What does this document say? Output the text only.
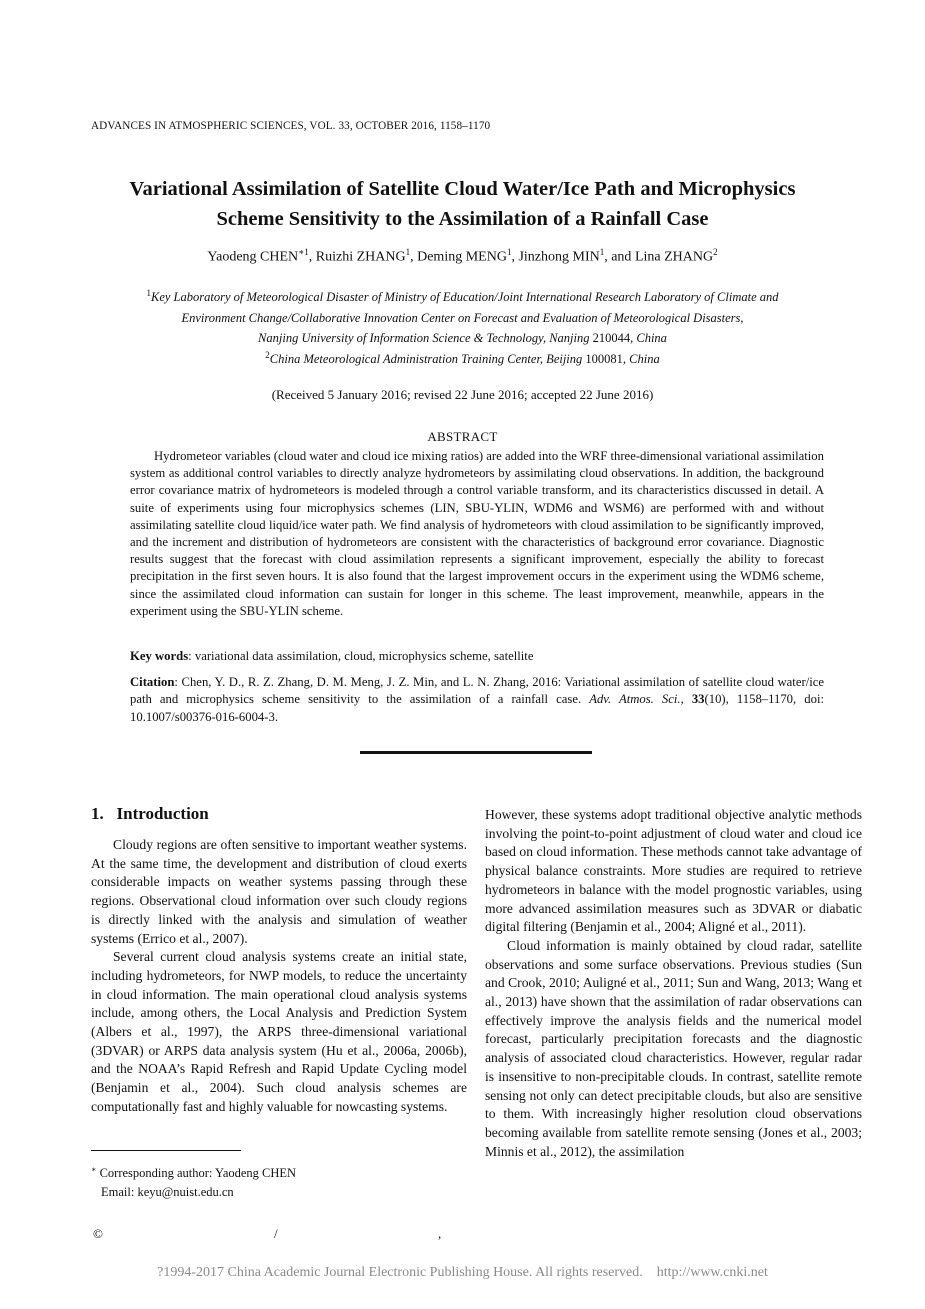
ADVANCES IN ATMOSPHERIC SCIENCES, VOL. 33, OCTOBER 2016, 1158–1170
Variational Assimilation of Satellite Cloud Water/Ice Path and Microphysics
Scheme Sensitivity to the Assimilation of a Rainfall Case
Yaodeng $CHEN^{∗1}$, Ruizhi ZHANG$^1$, Deming MENG$^1$, Jinzhong MIN$^1$, and Lina ZHANG$^2$
$^1$Key Laboratory of Meteorological Disaster of Ministry of Education/Joint International Research Laboratory of Climate and
Environment Change/Collaborative Innovation Center on Forecast and Evaluation of Meteorological Disasters,
Nanjing University of Information Science & Technology, Nanjing 210044, China
$^2$China Meteorological Administration Training Center, Beijing 100081, China
(Received 5 January 2016; revised 22 June 2016; accepted 22 June 2016)
ABSTRACT
Hydrometeor variables (cloud water and cloud ice mixing ratios) are added into the WRF three-dimensional variational assimilation system as additional control variables to directly analyze hydrometeors by assimilating cloud observations. In addition, the background error covariance matrix of hydrometeors is modeled through a control variable transform, and its characteristics discussed in detail. A suite of experiments using four microphysics schemes (LIN, SBU-YLIN, WDM6 and WSM6) are performed with and without assimilating satellite cloud liquid/ice water path. We find analysis of hydrometeors with cloud assimilation to be significantly improved, and the increment and distribution of hydrometeors are consistent with the characteristics of background error covariance. Diagnostic results suggest that the forecast with cloud assimilation represents a significant improvement, especially the ability to forecast precipitation in the first seven hours. It is also found that the largest improvement occurs in the experiment using the WDM6 scheme, since the assimilated cloud information can sustain for longer in this scheme. The least improvement, meanwhile, appears in the experiment using the SBU-YLIN scheme.
Key words: variational data assimilation, cloud, microphysics scheme, satellite
Citation: Chen, Y. D., R. Z. Zhang, D. M. Meng, J. Z. Min, and L. N. Zhang, 2016: Variational assimilation of satellite cloud water/ice path and microphysics scheme sensitivity to the assimilation of a rainfall case. Adv. Atmos. Sci., 33(10), 1158–1170, doi: 10.1007/s00376-016-6004-3.
1. Introduction

Cloudy regions are often sensitive to important weather systems. At the same time, the development and distribution of cloud exerts considerable impacts on weather systems passing through these regions. Observational cloud information over such cloudy regions is directly linked with the analysis and simulation of weather systems (Errico et al., 2007).

Several current cloud analysis systems create an initial state, including hydrometeors, for NWP models, to reduce the uncertainty in cloud information. The main operational cloud analysis systems include, among others, the Local Analysis and Prediction System (Albers et al., 1997), the ARPS three-dimensional variational (3DVAR) or ARPS data analysis system (Hu et al., 2006a, 2006b), and the NOAA’s Rapid Refresh and Rapid Update Cycling model (Benjamin et al., 2004). Such cloud analysis schemes are computationally fast and highly valuable for nowcasting systems.

However, these systems adopt traditional objective analytic methods involving the point-to-point adjustment of cloud water and cloud ice based on cloud information. These methods cannot take advantage of physical balance constraints. More studies are required to retrieve hydrometeors in balance with the model prognostic variables, using more advanced assimilation measures such as 3DVAR or diabatic digital filtering (Benjamin et al., 2004; Aligné et al., 2011).

Cloud information is mainly obtained by cloud radar, satellite observations and some surface observations. Previous studies (Sun and Crook, 2010; Auligné et al., 2011; Sun and Wang, 2013; Wang et al., 2013) have shown that the assimilation of radar observations can effectively improve the analysis fields and the numerical model forecast, particularly precipitation forecasts and the diagnostic analysis of associated cloud characteristics. However, regular radar is insensitive to non-precipitable clouds. In contrast, satellite remote sensing not only can detect precipitable clouds, but also are sensitive to them. With increasingly higher resolution cloud observations becoming available from satellite remote sensing (Jones et al., 2003; Minnis et al., 2012), the assimilation

∗ Corresponding author: Yaodeng CHEN
Email: keyu@nuist.edu.cn
©	/	,
?1994-2017 China Academic Journal Electronic Publishing House. All rights reserved. http://www.cnki.net
